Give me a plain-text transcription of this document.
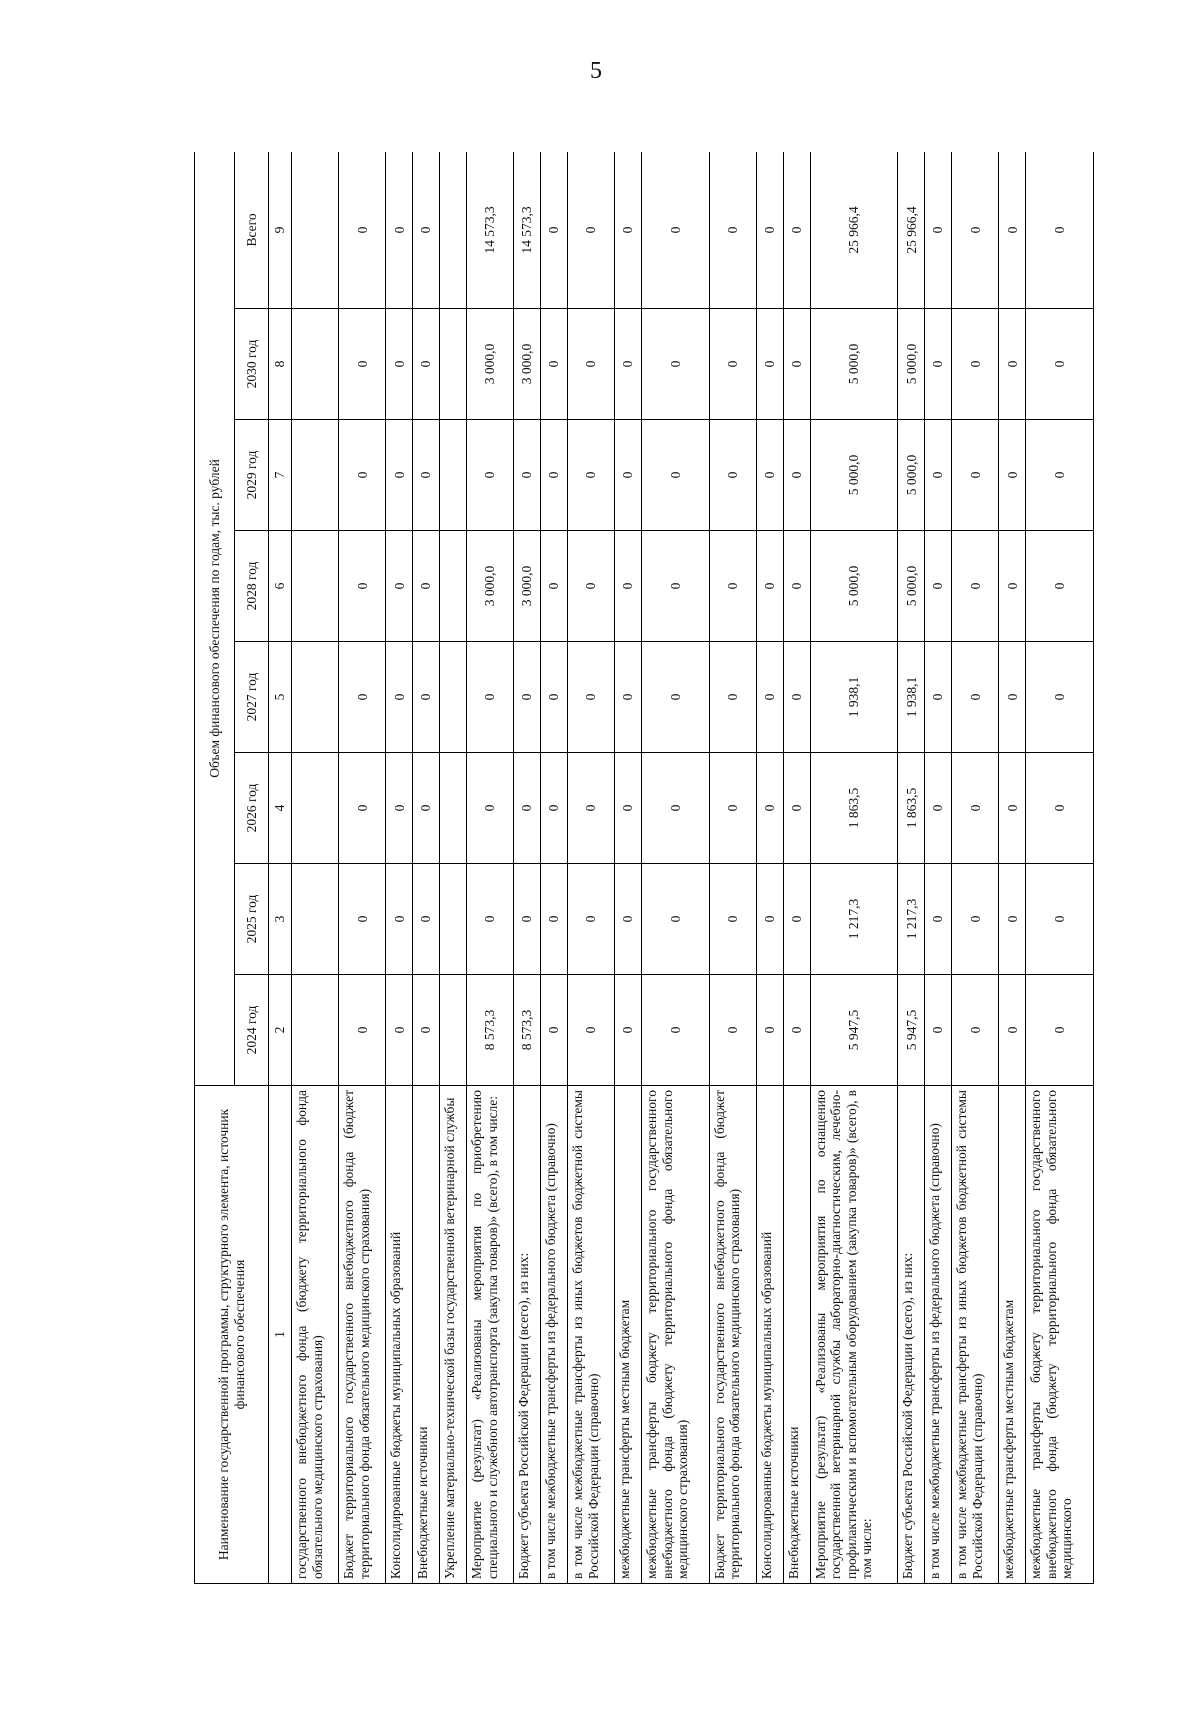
5
Наименование государственной программы, структурного элемента, источник финансового обеспечения	Объем финансового обеспечения по годам, тыс. рублей							
	2024 год	2025 год	2026 год	2027 год	2028 год	2029 год	2030 год	Всего
1	2	3	4	5	6	7	8	9
государственного внебюджетного фонда (бюджету территориального фонда обязательного медицинского страхования)								
Бюджет территориального государственного внебюджетного фонда (бюджет территориального фонда обязательного медицинского страхования)	0	0	0	0	0	0	0	0
Консолидированные бюджеты муниципальных образований	0	0	0	0	0	0	0	0
Внебюджетные источники	0	0	0	0	0	0	0	0
Укрепление материально-технической базы государственной ветеринарной службы								
Мероприятие (результат) «Реализованы мероприятия по приобретению специального и служебного автотранспорта (закупка товаров)» (всего), в том числе:	8 573,3	0	0	0	3 000,0	0	3 000,0	14 573,3
Бюджет субъекта Российской Федерации (всего), из них:	8 573,3	0	0	0	3 000,0	0	3 000,0	14 573,3
в том числе межбюджетные трансферты из федерального бюджета (справочно)	0	0	0	0	0	0	0	0
в том числе межбюджетные трансферты из иных бюджетов бюджетной системы Российской Федерации (справочно)	0	0	0	0	0	0	0	0
межбюджетные трансферты местным бюджетам	0	0	0	0	0	0	0	0
межбюджетные трансферты бюджету территориального государственного внебюджетного фонда (бюджету территориального фонда обязательного медицинского страхования)	0	0	0	0	0	0	0	0
Бюджет территориального государственного внебюджетного фонда (бюджет территориального фонда обязательного медицинского страхования)	0	0	0	0	0	0	0	0
Консолидированные бюджеты муниципальных образований	0	0	0	0	0	0	0	0
Внебюджетные источники	0	0	0	0	0	0	0	0
Мероприятие (результат) «Реализованы мероприятия по оснащению государственной ветеринарной службы лабораторно-диагностическим, лечебно-профилактическим и вспомогательным оборудованием (закупка товаров)» (всего), в том числе:	5 947,5	1 217,3	1 863,5	1 938,1	5 000,0	5 000,0	5 000,0	25 966,4
Бюджет субъекта Российской Федерации (всего), из них:	5 947,5	1 217,3	1 863,5	1 938,1	5 000,0	5 000,0	5 000,0	25 966,4
в том числе межбюджетные трансферты из федерального бюджета (справочно)	0	0	0	0	0	0	0	0
в том числе межбюджетные трансферты из иных бюджетов бюджетной системы Российской Федерации (справочно)	0	0	0	0	0	0	0	0
межбюджетные трансферты местным бюджетам	0	0	0	0	0	0	0	0
межбюджетные трансферты бюджету территориального государственного внебюджетного фонда (бюджету территориального фонда обязательного медицинского	0	0	0	0	0	0	0	0
